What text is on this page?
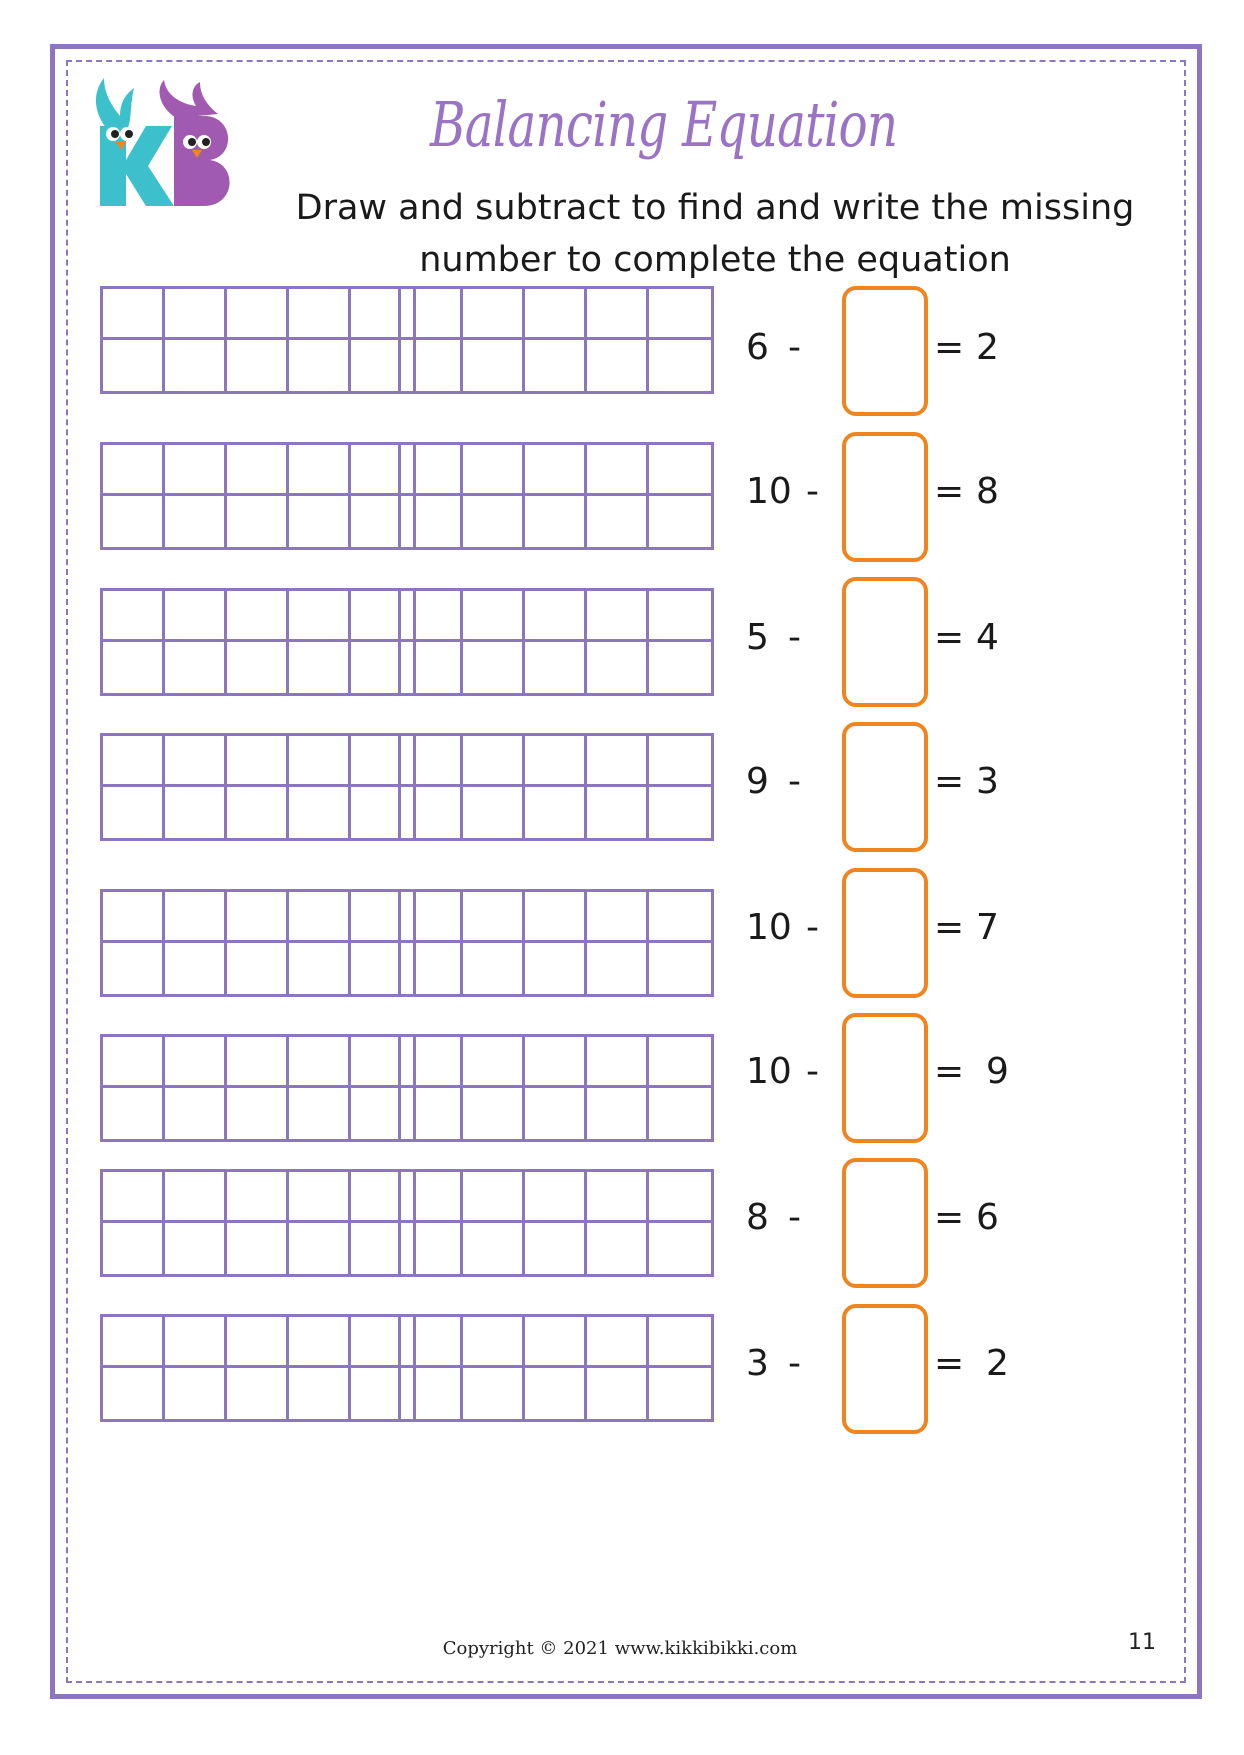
Balancing Equation
Draw and subtract to find and write the missing number to complete the equation
6 -	= 2
10 -	= 8
5 -	= 4
9 -	= 3
10 -	= 7
10 -	= 9
8 -	= 6
3 -	= 2
Copyright © 2021 www.kikkibikki.com	11
